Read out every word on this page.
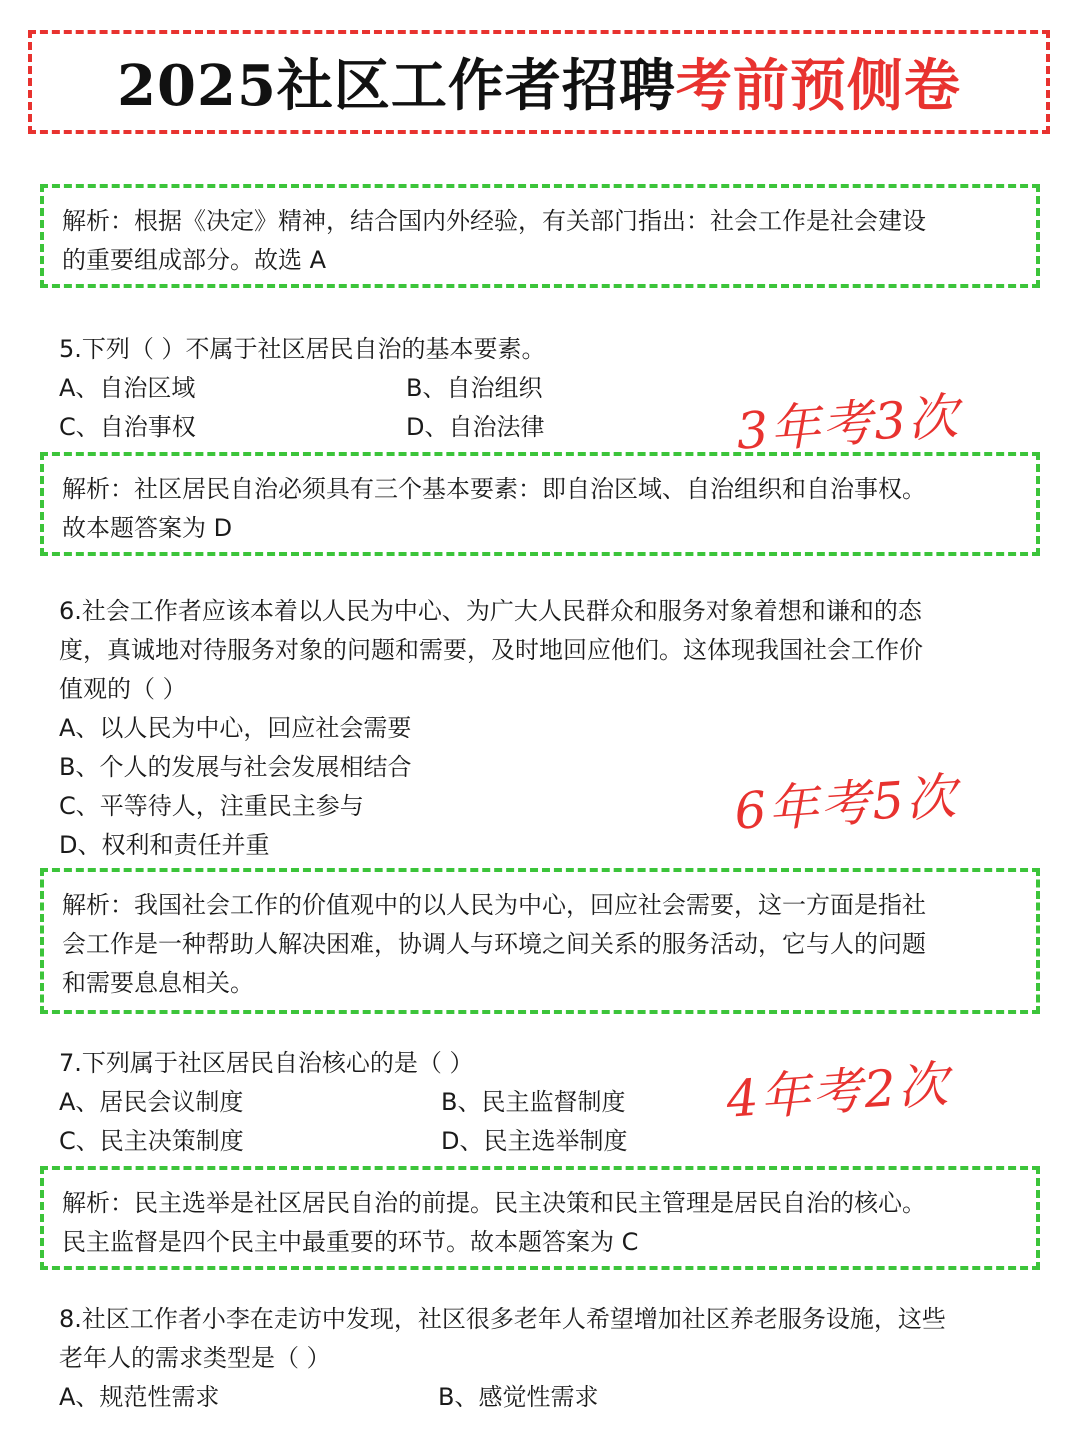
2025社区工作者招聘考前预侧卷

解析：根据《决定》精神，结合国内外经验，有关部门指出：社会工作是社会建设

的重要组成部分。故选 A

5.下列（ ）不属于社区居民自治的基本要素。

A、自治区域	B、自治组织
C、自治事权	D、自治法律	3年考3次

解析：社区居民自治必须具有三个基本要素：即自治区域、自治组织和自治事权。

故本题答案为 D

6.社会工作者应该本着以人民为中心、为广大人民群众和服务对象着想和谦和的态

度，真诚地对待服务对象的问题和需要，及时地回应他们。这体现我国社会工作价

值观的（ ）

A、以人民为中心，回应社会需要

B、个人的发展与社会发展相结合

C、平等待人，注重民主参与

D、权利和责任并重

6年考5次

解析：我国社会工作的价值观中的以人民为中心，回应社会需要，这一方面是指社

会工作是一种帮助人解决困难，协调人与环境之间关系的服务活动，它与人的问题

和需要息息相关。

7.下列属于社区居民自治核心的是（ ）

A、居民会议制度	B、民主监督制度
C、民主决策制度	D、民主选举制度
4年考2次

解析：民主选举是社区居民自治的前提。民主决策和民主管理是居民自治的核心。

民主监督是四个民主中最重要的环节。故本题答案为 C

8.社区工作者小李在走访中发现，社区很多老年人希望增加社区养老服务设施，这些

老年人的需求类型是（ ）

A、规范性需求	B、感觉性需求
